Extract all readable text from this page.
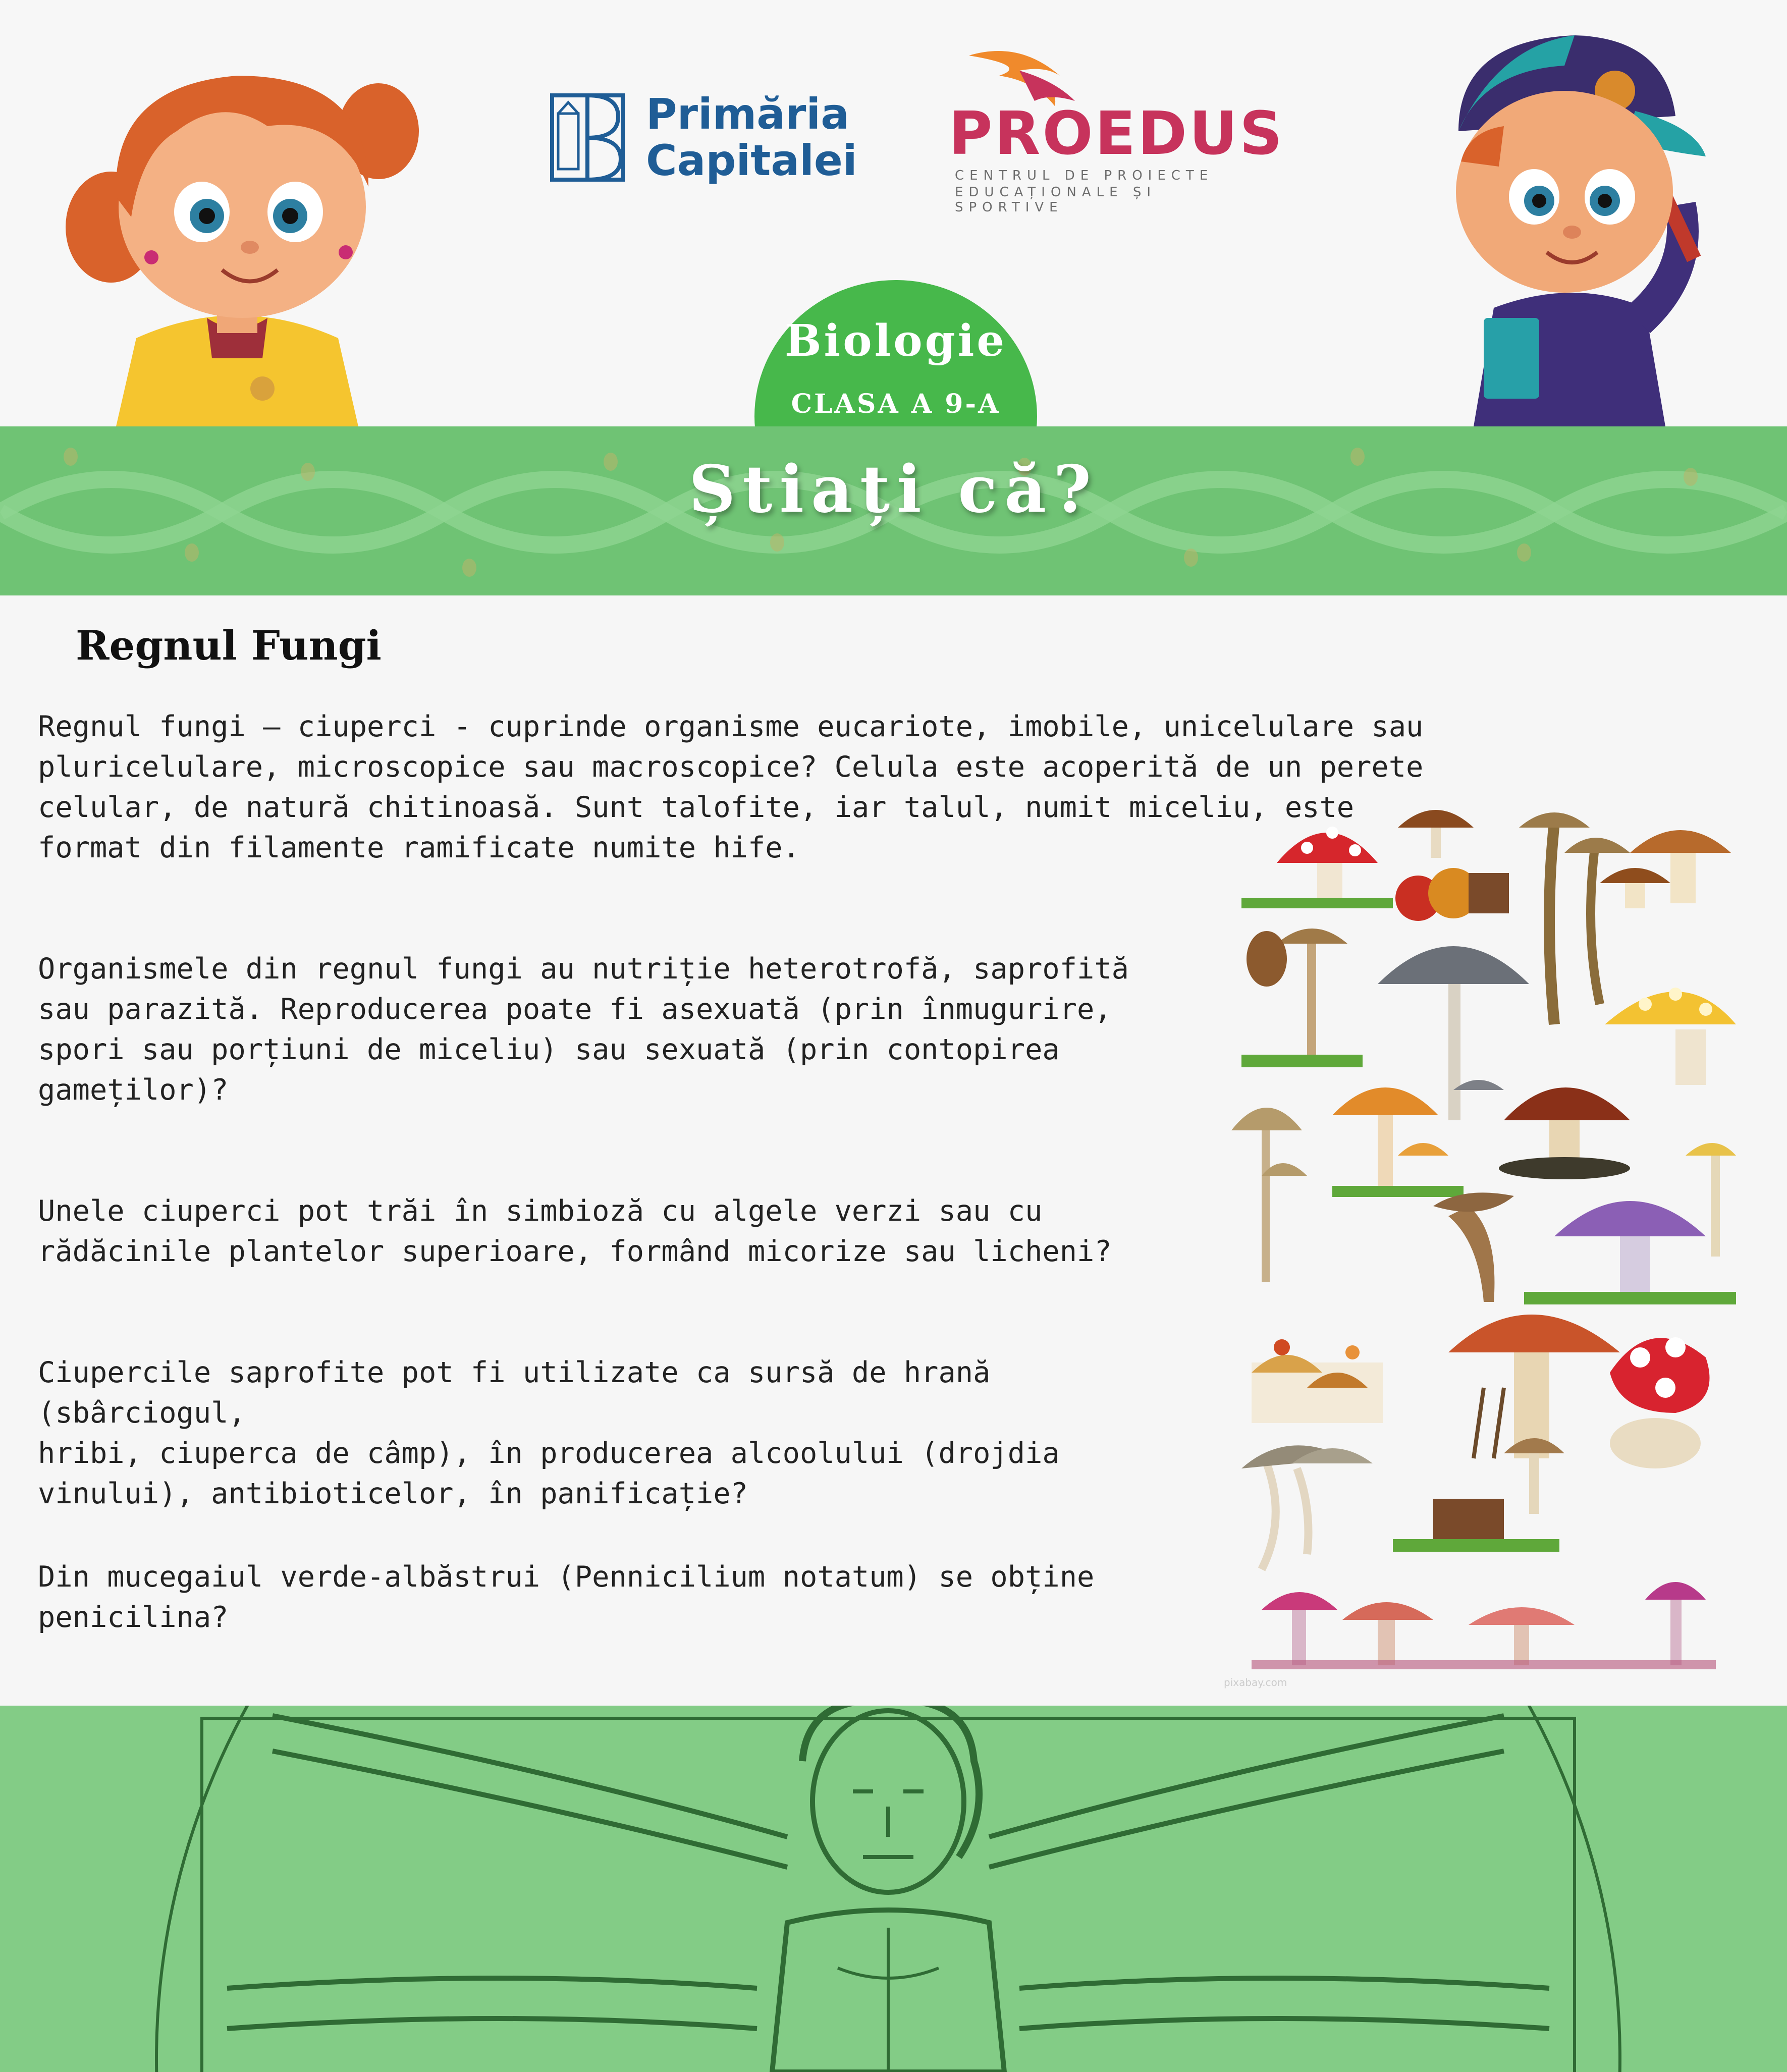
Primăria
Capitalei PROEDUS
CENTRUL DE PROIECTE
EDUCAȚIONALE ȘI SPORTIVE
Biologie
CLASA A 9-A
Știați că?
Regnul Fungi
Regnul fungi – ciuperci - cuprinde organisme eucariote, imobile, unicelulare sau
pluricelulare, microscopice sau macroscopice? Celula este acoperită de un perete
celular, de natură chitinoasă. Sunt talofite, iar talul, numit miceliu, este
format din filamente ramificate numite hife.
Organismele din regnul fungi au nutriție heterotrofă, saprofită
sau parazită. Reproducerea poate fi asexuată (prin înmugurire,
spori sau porțiuni de miceliu) sau sexuată (prin contopirea
gameților)?
Unele ciuperci pot trăi în simbioză cu algele verzi sau cu
rădăcinile plantelor superioare, formând micorize sau licheni?
Ciupercile saprofite pot fi utilizate ca sursă de hrană (sbârciogul,
hribi, ciuperca de câmp), în producerea alcoolului (drojdia
vinului), antibioticelor, în panificație?
Din mucegaiul verde-albăstrui (Pennicilium notatum) se obține
penicilina?
pixabay.com
